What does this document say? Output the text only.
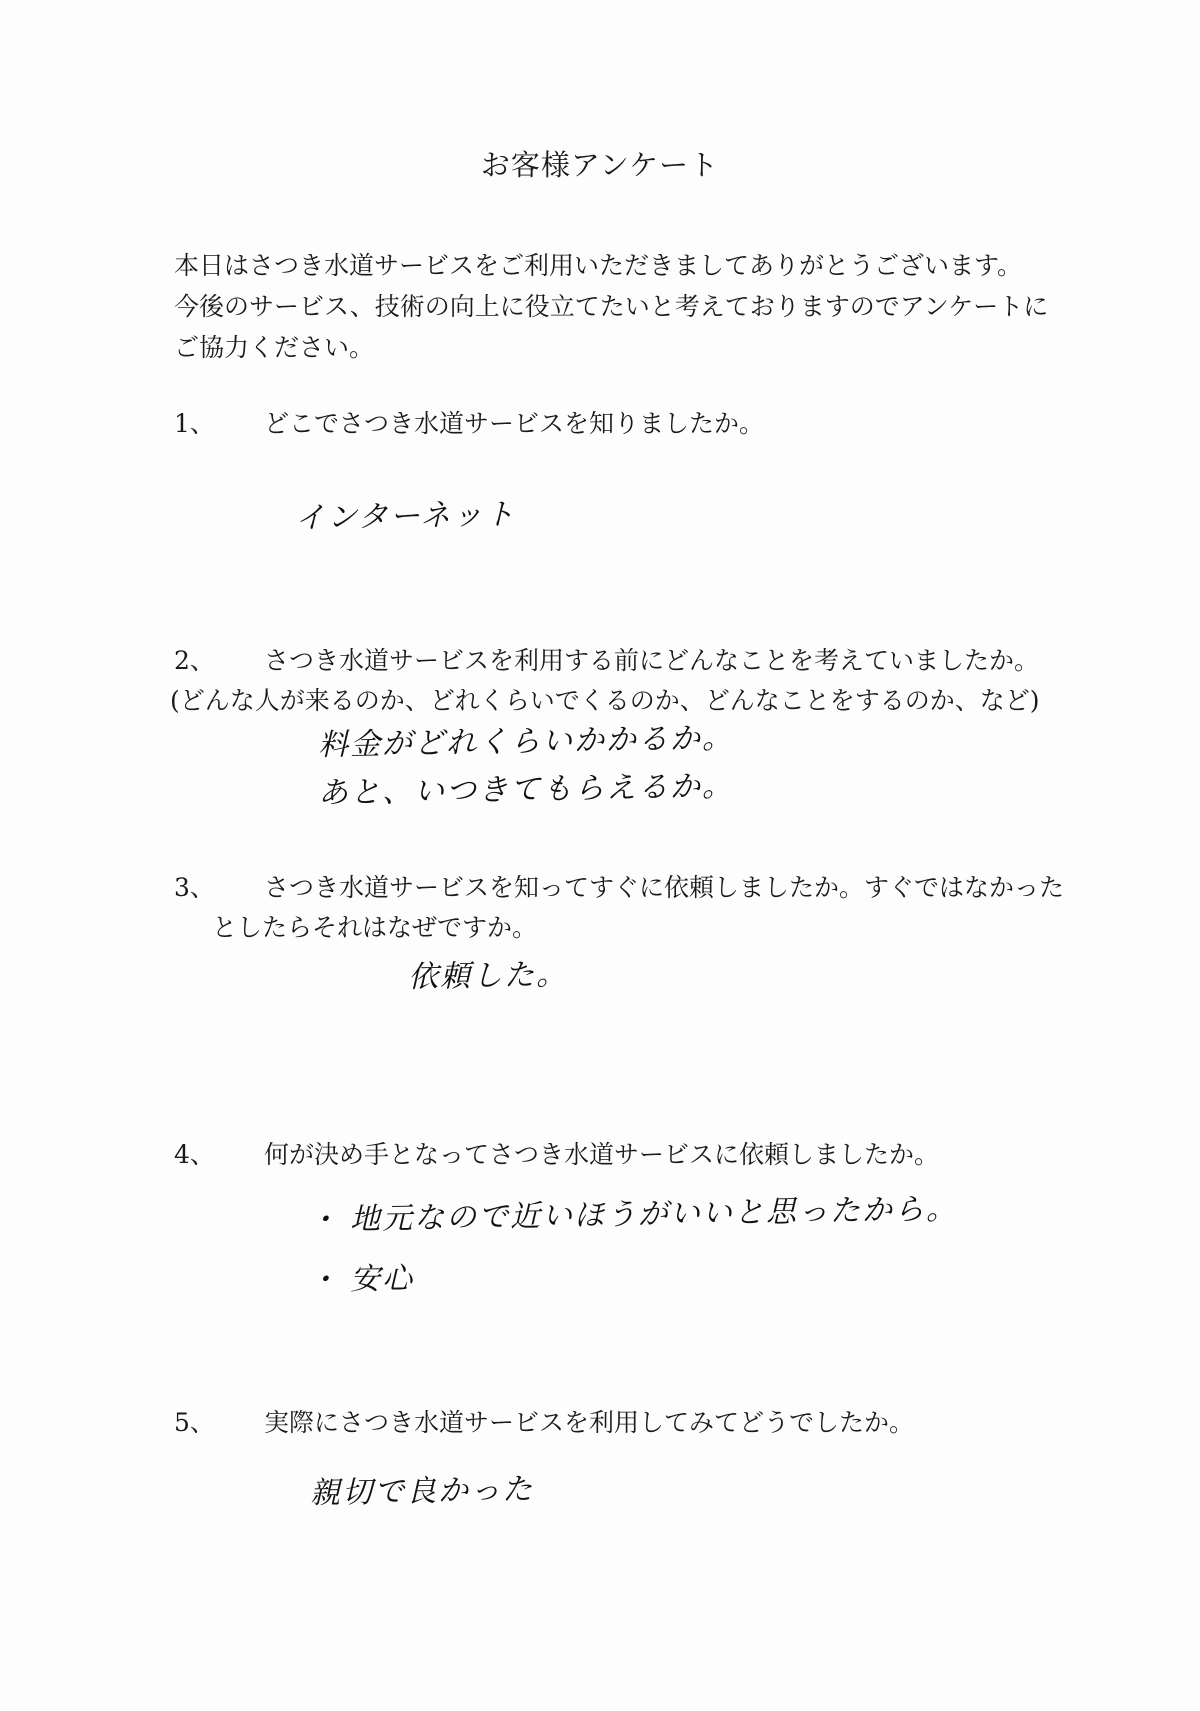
お客様アンケート
本日はさつき水道サービスをご利用いただきましてありがとうございます。
今後のサービス、技術の向上に役立てたいと考えておりますのでアンケートに
ご協力ください。
1、 どこでさつき水道サービスを知りましたか。
インターネット
2、 さつき水道サービスを利用する前にどんなことを考えていましたか。
(どんな人が来るのか、どれくらいでくるのか、どんなことをするのか、など)
料金がどれくらいかかるか。
あと、いつきてもらえるか。
3、 さつき水道サービスを知ってすぐに依頼しましたか。すぐではなかった
としたらそれはなぜですか。
依頼した。
4、 何が決め手となってさつき水道サービスに依頼しましたか。
・ 地元なので近いほうがいいと思ったから。
・ 安心
5、 実際にさつき水道サービスを利用してみてどうでしたか。
親切で良かった
